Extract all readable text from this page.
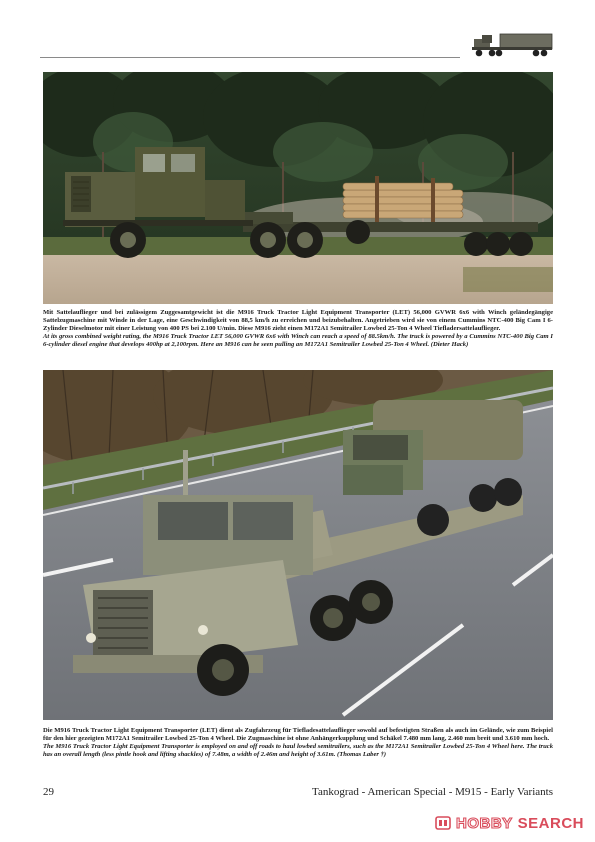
Mit Sattelauflieger und bei zulässigem Zuggesamtgewicht ist die M916 Truck Tractor Light Equipment Transporter (LET) 56,000 GVWR 6x6 with Winch geländegängige Sattelzugmaschine mit Winde in der Lage, eine Geschwindigkeit von 88,5 km/h zu erreichen und beizubehalten. Angetrieben wird sie von einem Cummins NTC-400 Big Cam I 6-Zylinder Dieselmotor mit einer Leistung von 400 PS bei 2.100 U/min. Diese M916 zieht einen M172A1 Semitrailer Lowbed 25-Ton 4 Wheel Tiefladersattelauflieger.
At its gross combined weight rating, the M916 Truck Tractor LET 56,000 GVWR 6x6 with Winch can reach a speed of 88.5km/h. The truck is powered by a Cummins NTC-400 Big Cam I 6-cylinder diesel engine that develops 400hp at 2,100rpm. Here an M916 can be seen pulling an M172A1 Semitrailer Lowbed 25-Ton 4 Wheel. (Dieter Hack)
Die M916 Truck Tractor Light Equipment Transporter (LET) dient als Zugfahrzeug für Tiefladesattelauflieger sowohl auf befestigten Straßen als auch im Gelände, wie zum Beispiel für den hier gezeigten M172A1 Semitrailer Lowbed 25-Ton 4 Wheel. Die Zugmaschine ist ohne Anhängerkupplung und Schäkel 7.480 mm lang, 2.460 mm breit und 3.610 mm hoch.
The M916 Truck Tractor Light Equipment Transporter is employed on and off roads to haul lowbed semitrailers, such as the M172A1 Semitrailer Lowbed 25-Ton 4 Wheel here. The truck has an overall length (less pintle hook and lifting shackles) of 7.48m, a width of 2.46m and height of 3.61m. (Thomas Laber †)
29	Tankograd - American Special - M915 - Early Variants
HOBBY SEARCH
